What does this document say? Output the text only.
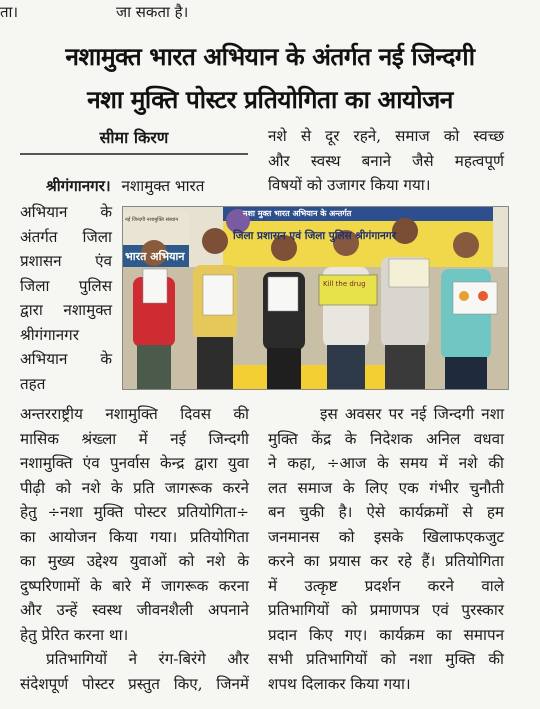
ता।	जा सकता है।
नशामुक्त भारत अभियान के अंतर्गत नई जिन्दगी
नशा मुक्ति पोस्टर प्रतियोगिता का आयोजन
सीमा किरण	नशे से दूर रहने, समाज को स्वच्छ
और स्वस्थ बनाने जैसे महत्वपूर्ण
विषयों को उजागर किया गया।
श्रीगंगानगर। नशामुक्त भारत
अभियान के
अंतर्गत जिला
प्रशासन एंव
जिला पुलिस
द्वारा नशामुक्त
श्रीगंगानगर
अभियान के
तहत
नशा मुक्त भारत अभियान के अन्तर्गत
जिला प्रशासन एवं जिला पुलिस श्रीगंगानगर
नई जिन्दगी नशामुक्ति संस्थान
भारत अभियान
Kill the drug
अन्तरराष्ट्रीय नशामुक्ति दिवस की
मासिक श्रंख्ला में नई जिन्दगी
नशामुक्ति एंव पुनर्वास केन्द्र द्वारा युवा
पीढ़ी को नशे के प्रति जागरूक करने
हेतु ÷नशा मुक्ति पोस्टर प्रतियोगिता÷
का आयोजन किया गया। प्रतियोगिता
का मुख्य उद्देश्य युवाओं को नशे के
दुष्परिणामों के बारे में जागरूक करना
और उन्हें स्वस्थ जीवनशैली अपनाने
हेतु प्रेरित करना था।
प्रतिभागियों ने रंग-बिरंगे और
संदेशपूर्ण पोस्टर प्रस्तुत किए, जिनमें
इस अवसर पर नई जिन्दगी नशा
मुक्ति केंद्र के निदेशक अनिल वधवा
ने कहा, ÷आज के समय में नशे की
लत समाज के लिए एक गंभीर चुनौती
बन चुकी है। ऐसे कार्यक्रमों से हम
जनमानस को इसके खिलाफएकजुट
करने का प्रयास कर रहे हैं। प्रतियोगिता
में उत्कृष्ट प्रदर्शन करने वाले
प्रतिभागियों को प्रमाणपत्र एवं पुरस्कार
प्रदान किए गए। कार्यक्रम का समापन
सभी प्रतिभागियों को नशा मुक्ति की
शपथ दिलाकर किया गया।
